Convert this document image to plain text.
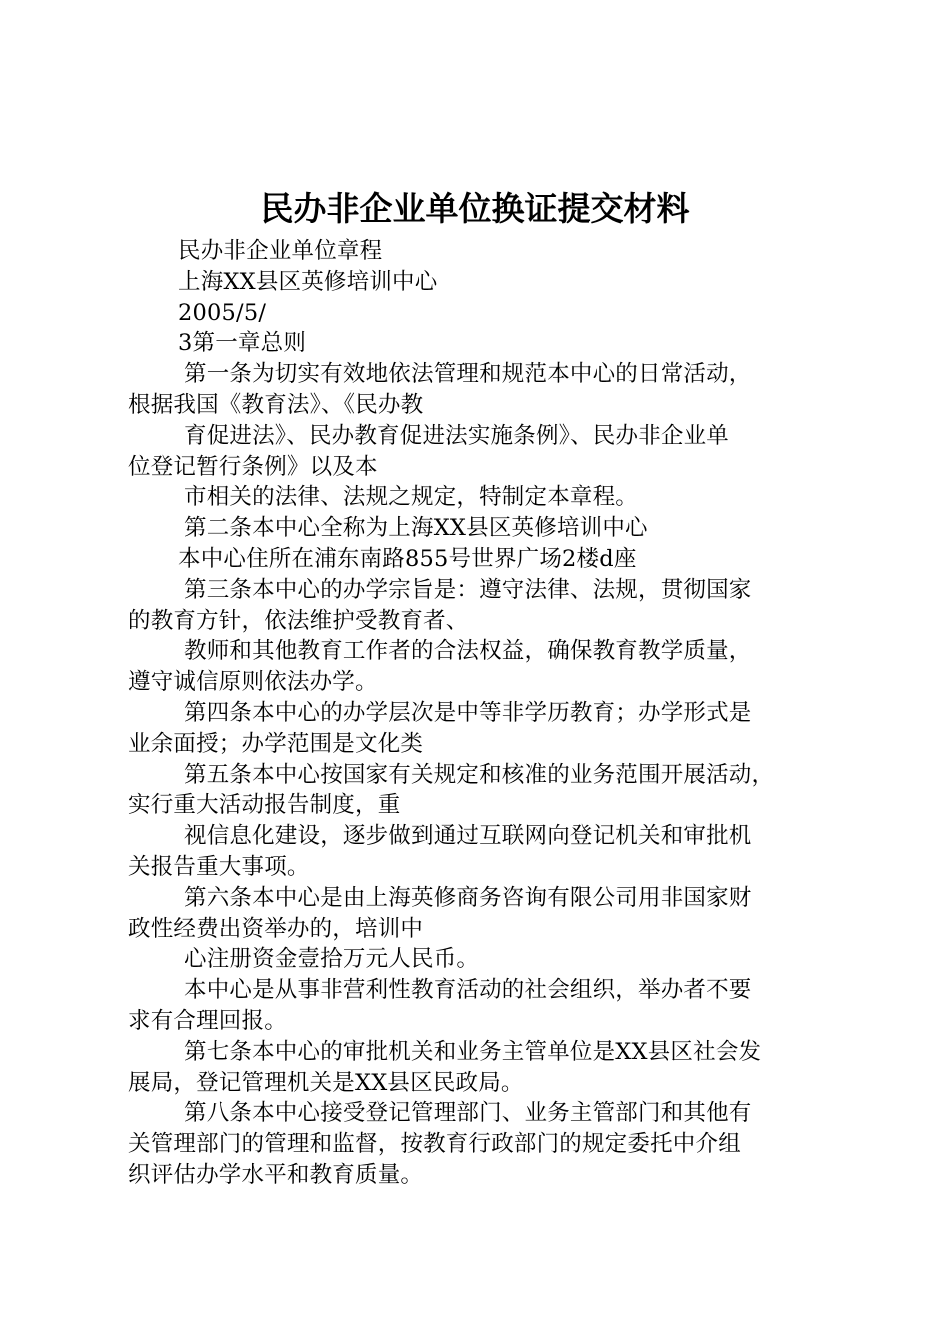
民办非企业单位换证提交材料
民办非企业单位章程
上海XX县区英修培训中心
2005/5/
3第一章总则
第一条为切实有效地依法管理和规范本中心的日常活动，
根据我国《教育法》、《民办教
育促进法》、民办教育促进法实施条例》、民办非企业单
位登记暂行条例》以及本
市相关的法律、法规之规定，特制定本章程。
第二条本中心全称为上海XX县区英修培训中心
本中心住所在浦东南路855号世界广场2楼d座
第三条本中心的办学宗旨是：遵守法律、法规，贯彻国家
的教育方针，依法维护受教育者、
教师和其他教育工作者的合法权益，确保教育教学质量，
遵守诚信原则依法办学。
第四条本中心的办学层次是中等非学历教育；办学形式是
业余面授；办学范围是文化类
第五条本中心按国家有关规定和核准的业务范围开展活动，
实行重大活动报告制度，重
视信息化建设，逐步做到通过互联网向登记机关和审批机
关报告重大事项。
第六条本中心是由上海英修商务咨询有限公司用非国家财
政性经费出资举办的，培训中
心注册资金壹拾万元人民币。
本中心是从事非营利性教育活动的社会组织，举办者不要
求有合理回报。
第七条本中心的审批机关和业务主管单位是XX县区社会发
展局，登记管理机关是XX县区民政局。
第八条本中心接受登记管理部门、业务主管部门和其他有
关管理部门的管理和监督，按教育行政部门的规定委托中介组
织评估办学水平和教育质量。
